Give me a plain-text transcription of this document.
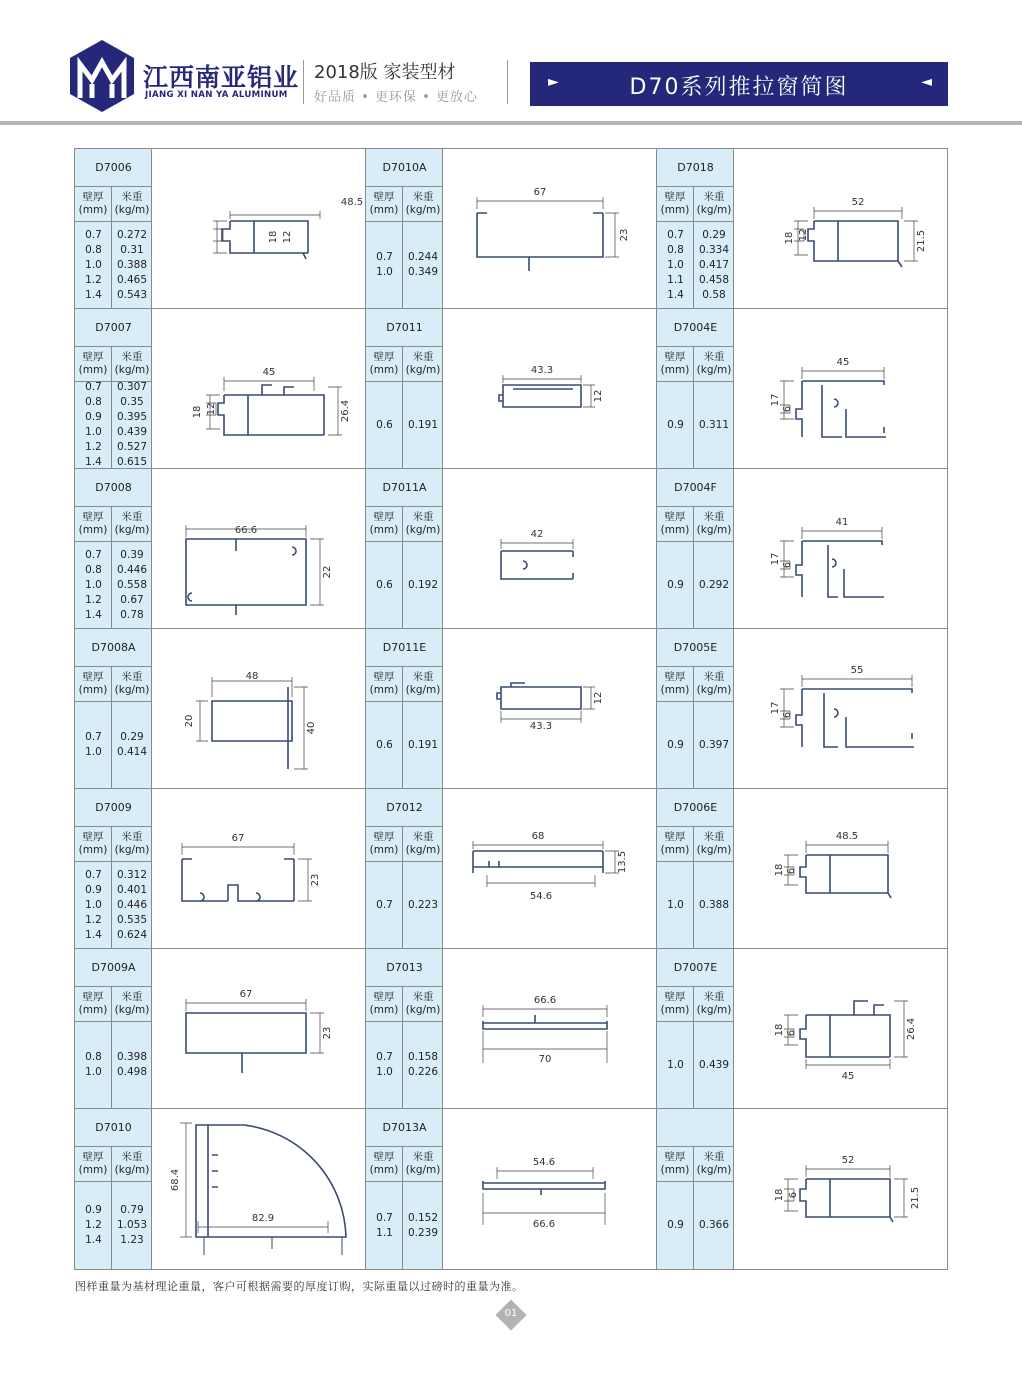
江西南亚铝业
JIANG XI NAN YA ALUMINUM
2018版 家装型材
好品质 • 更环保 • 更放心
►	D70系列推拉窗简图	◄
D7006
壁厚
(mm)
米重
(kg/m)
0.7	0.272
0.8	0.31
1.0	0.388
1.2	0.465
1.4	0.543
48.5
18 12
D7010A
壁厚
(mm)
米重
(kg/m)
0.7	0.244
1.0	0.349
67
23
D7018
壁厚
(mm)
米重
(kg/m)
0.7	0.29
0.8	0.334
1.0	0.417
1.1	0.458
1.4	0.58
52
18 12	21.5
D7007
壁厚
(mm)
米重
(kg/m)
0.7	0.307
0.8	0.35
0.9	0.395
1.0	0.439
1.2	0.527
1.4	0.615
45
18 12	26.4
D7011
壁厚
(mm)
米重
(kg/m)
0.6	0.191
43.3
12
D7004E
壁厚
(mm)
米重
(kg/m)
0.9	0.311
45
17
6
D7008
壁厚
(mm)
米重
(kg/m)
0.7	0.39
0.8	0.446
1.0	0.558
1.2	0.67
1.4	0.78
66.6
22
D7011A
壁厚
(mm)
米重
(kg/m)
0.6	0.192
42
D7004F
壁厚
(mm)
米重
(kg/m)
0.9	0.292
41
17 6
D7008A
壁厚
(mm)
米重
(kg/m)
0.7	0.29
1.0	0.414
48
20
40
D7011E
壁厚
(mm)
米重
(kg/m)
0.6	0.191
43.3
12
D7005E
壁厚
(mm)
米重
(kg/m)
0.9	0.397
55
17
6
D7009
壁厚
(mm)
米重
(kg/m)
0.7	0.312
0.9	0.401
1.0	0.446
1.2	0.535
1.4	0.624
67
23
D7012
壁厚
(mm)
米重
(kg/m)
0.7	0.223
68
54.6
13.5
D7006E
壁厚
(mm)
米重
(kg/m)
1.0	0.388
48.5
18 6
D7009A
壁厚
(mm)
米重
(kg/m)
0.8	0.398
1.0	0.498
67
23
D7013
壁厚
(mm)
米重
(kg/m)
0.7	0.158
1.0	0.226
66.6
70
D7007E
壁厚
(mm)
米重
(kg/m)
1.0	0.439
45
18 6	26.4
D7010
壁厚
(mm)
米重
(kg/m)
0.9	0.79
1.2	1.053
1.4	1.23
68.4
82.9
D7013A
壁厚
(mm)
米重
(kg/m)
0.7	0.152
1.1	0.239
54.6
66.6
壁厚
(mm)
米重
(kg/m)
0.9	0.366
52
18 6	21.5
图样重量为基材理论重量，客户可根据需要的厚度订购，实际重量以过磅时的重量为准。
01
